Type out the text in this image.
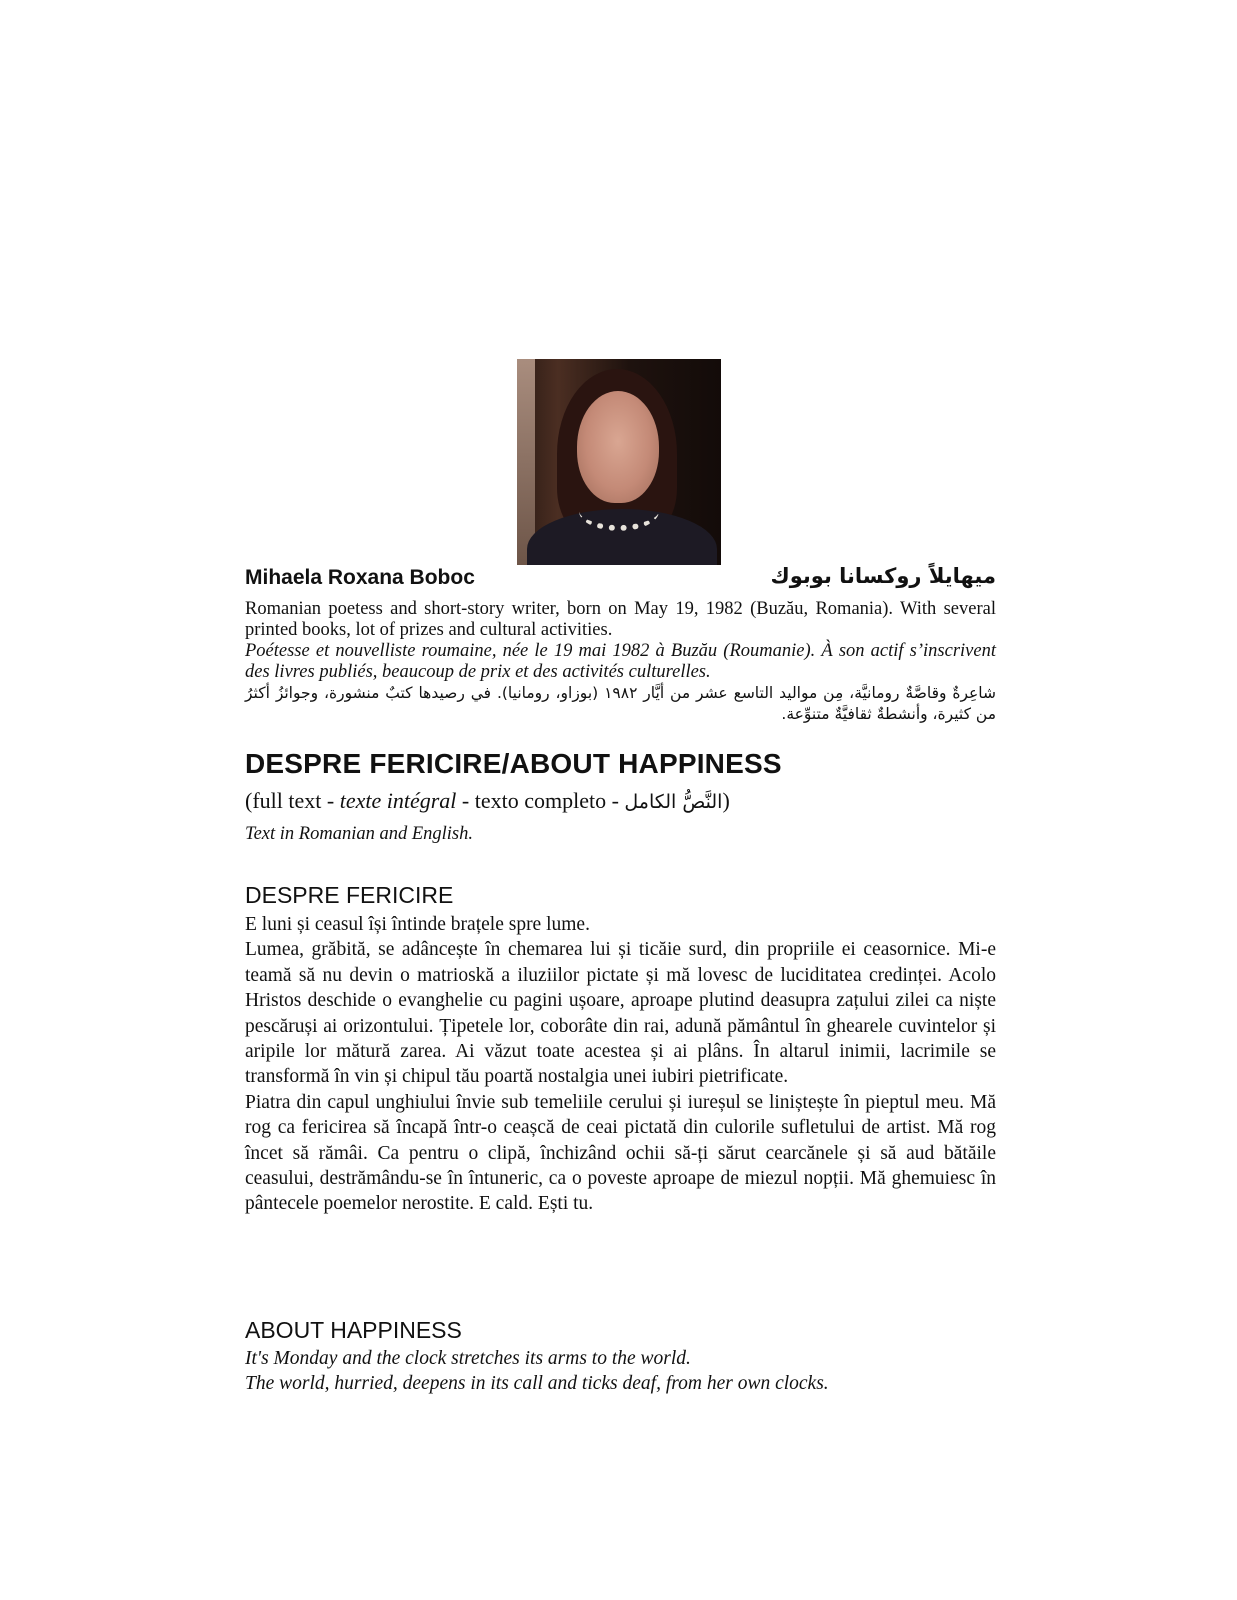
Mihaela Roxana Boboc	ميهايلاً روكسانا بوبوك

Romanian poetess and short-story writer, born on May 19, 1982 (Buzău, Romania). With several printed books, lot of prizes and cultural activities.

Poétesse et nouvelliste roumaine, née le 19 mai 1982 à Buzău (Roumanie). À son actif s’inscrivent des livres publiés, beaucoup de prix et des activités culturelles.

شاعِرةٌ وقاصَّةٌ رومانيَّة، مِن مواليد التاسع عشر من أيَّار ١٩٨٢ (بوزاو، رومانيا). في رصيدها كتبٌ منشورة، وجوائزُ أكثرُ من كثيرة، وأنشطةٌ ثقافيَّةٌ متنوِّعة.

DESPRE FERICIRE/ABOUT HAPPINESS
(full text - texte intégral - texto completo - النَّصُّ الكامل)
Text in Romanian and English.
DESPRE FERICIRE

E luni și ceasul își întinde brațele spre lume.

Lumea, grăbită, se adâncește în chemarea lui și ticăie surd, din propriile ei ceasornice. Mi-e teamă să nu devin o matrioskă a iluziilor pictate și mă lovesc de luciditatea credinței. Acolo Hristos deschide o evanghelie cu pagini ușoare, aproape plutind deasupra zațului zilei ca niște pescăruși ai orizontului. Țipetele lor, coborâte din rai, adună pământul în ghearele cuvintelor și aripile lor mătură zarea. Ai văzut toate acestea și ai plâns. În altarul inimii, lacrimile se transformă în vin și chipul tău poartă nostalgia unei iubiri pietrificate.

Piatra din capul unghiului învie sub temeliile cerului și iureșul se liniștește în pieptul meu. Mă rog ca fericirea să încapă într-o ceașcă de ceai pictată din culorile sufletului de artist. Mă rog încet să rămâi. Ca pentru o clipă, închizând ochii să-ți sărut cearcănele și să aud bătăile ceasului, destrămându-se în întuneric, ca o poveste aproape de miezul nopții. Mă ghemuiesc în pântecele poemelor nerostite. E cald. Ești tu.

ABOUT HAPPINESS

It's Monday and the clock stretches its arms to the world.

The world, hurried, deepens in its call and ticks deaf, from her own clocks.
